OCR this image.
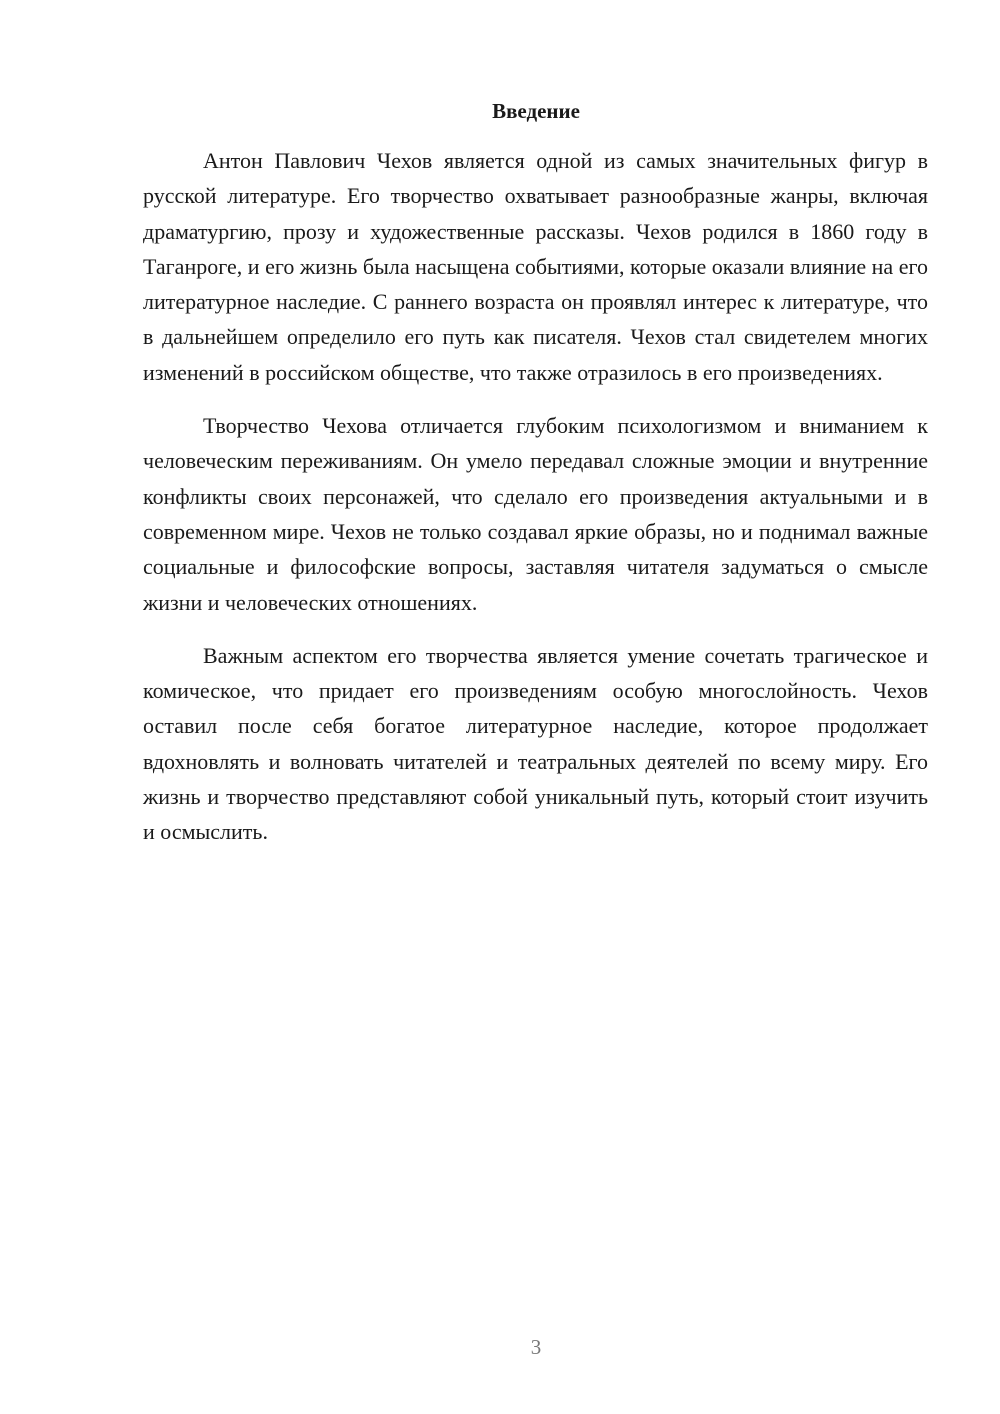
Введение

Антон Павлович Чехов является одной из самых значительных фигур в русской литературе. Его творчество охватывает разнообразные жанры, включая драматургию, прозу и художественные рассказы. Чехов родился в 1860 году в Таганроге, и его жизнь была насыщена событиями, которые оказали влияние на его литературное наследие. С раннего возраста он проявлял интерес к литературе, что в дальнейшем определило его путь как писателя. Чехов стал свидетелем многих изменений в российском обществе, что также отразилось в его произведениях.

Творчество Чехова отличается глубоким психологизмом и вниманием к человеческим переживаниям. Он умело передавал сложные эмоции и внутренние конфликты своих персонажей, что сделало его произведения актуальными и в современном мире. Чехов не только создавал яркие образы, но и поднимал важные социальные и философские вопросы, заставляя читателя задуматься о смысле жизни и человеческих отношениях.

Важным аспектом его творчества является умение сочетать трагическое и комическое, что придает его произведениям особую многослойность. Чехов оставил после себя богатое литературное наследие, которое продолжает вдохновлять и волновать читателей и театральных деятелей по всему миру. Его жизнь и творчество представляют собой уникальный путь, который стоит изучить и осмыслить.

3
